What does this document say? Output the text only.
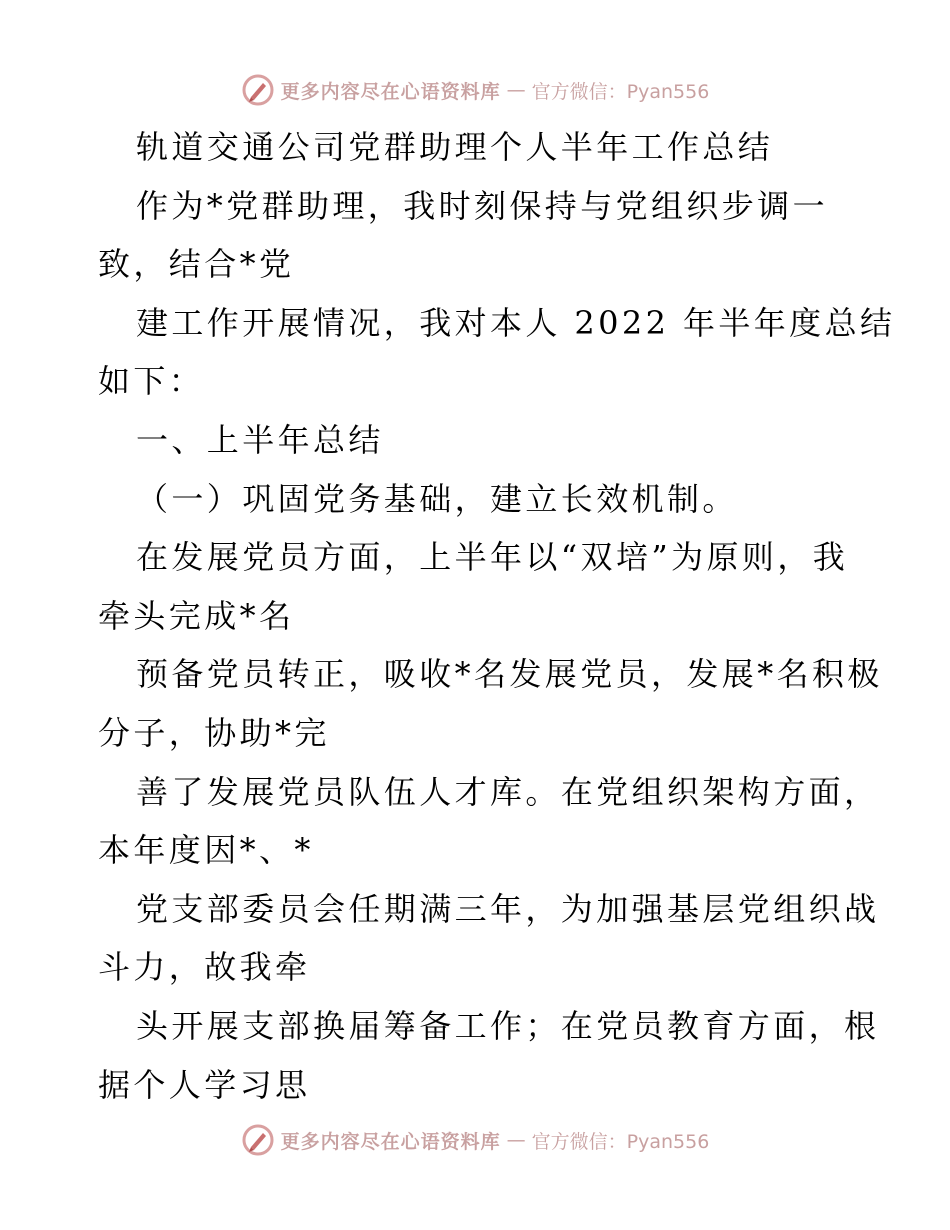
更多内容尽在心语资料库 — 官方微信：Pyan556
轨道交通公司党群助理个人半年工作总结
作为*党群助理，我时刻保持与党组织步调一
致，结合*党
建工作开展情况，我对本人 2022 年半年度总结
如下：
一、上半年总结
（一）巩固党务基础，建立长效机制。
在发展党员方面，上半年以“双培”为原则，我
牵头完成*名
预备党员转正，吸收*名发展党员，发展*名积极
分子，协助*完
善了发展党员队伍人才库。在党组织架构方面，
本年度因*、*
党支部委员会任期满三年，为加强基层党组织战
斗力，故我牵
头开展支部换届筹备工作；在党员教育方面，根
据个人学习思
更多内容尽在心语资料库 — 官方微信：Pyan556
